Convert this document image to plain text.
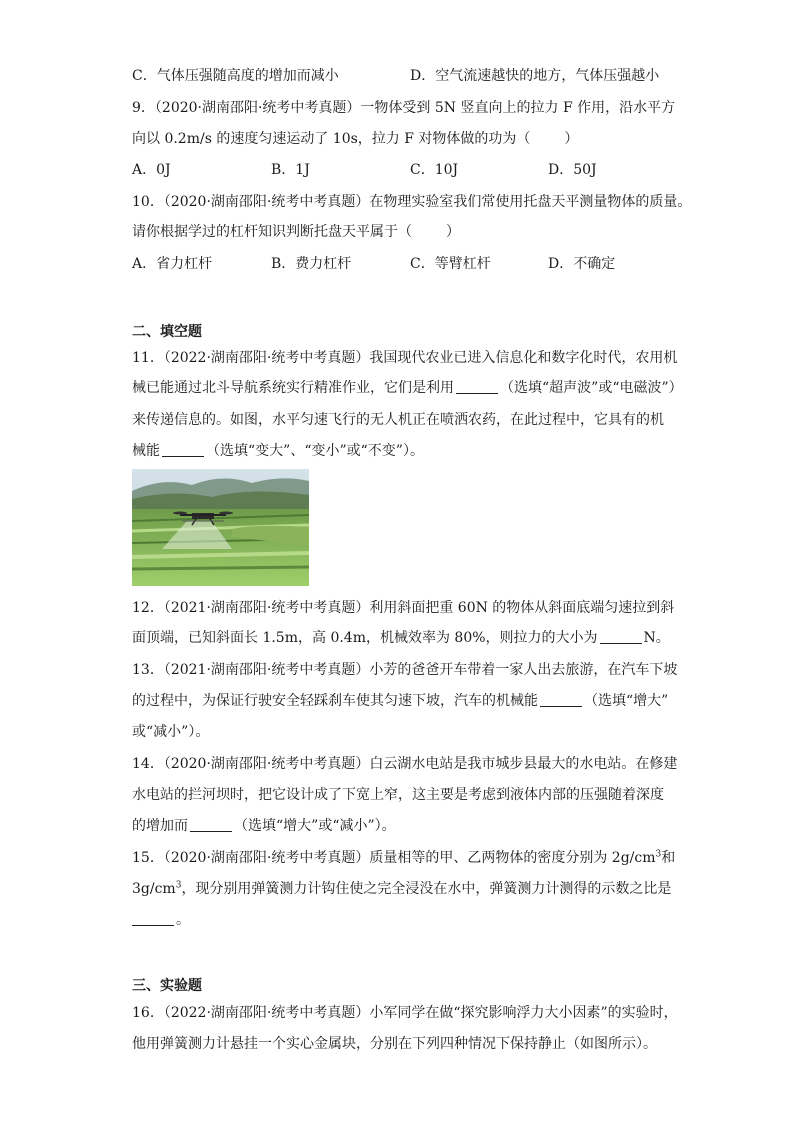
C．气体压强随高度的增加而减小	D．空气流速越快的地方，气体压强越小
9．（2020·湖南邵阳·统考中考真题）一物体受到 5N 竖直向上的拉力 F 作用，沿水平方
向以 0.2m/s 的速度匀速运动了 10s，拉力 F 对物体做的功为（ ）
A．0J	B．1J	C．10J	D．50J
10．（2020·湖南邵阳·统考中考真题）在物理实验室我们常使用托盘天平测量物体的质量。
请你根据学过的杠杆知识判断托盘天平属于（ ）
A．省力杠杆	B．费力杠杆	C．等臂杠杆	D．不确定
二、填空题
11．（2022·湖南邵阳·统考中考真题）我国现代农业已进入信息化和数字化时代，农用机
械已能通过北斗导航系统实行精准作业，它们是利用	（选填“超声波”或“电磁波”）
来传递信息的。如图，水平匀速飞行的无人机正在喷洒农药，在此过程中，它具有的机
械能	（选填“变大”、“变小”或“不变”）。
12．（2021·湖南邵阳·统考中考真题）利用斜面把重 60N 的物体从斜面底端匀速拉到斜
面顶端，已知斜面长 1.5m，高 0.4m，机械效率为 80%，则拉力的大小为	N。
13．（2021·湖南邵阳·统考中考真题）小芳的爸爸开车带着一家人出去旅游，在汽车下坡
的过程中，为保证行驶安全轻踩刹车使其匀速下坡，汽车的机械能	（选填“增大”
或“减小”）。
14．（2020·湖南邵阳·统考中考真题）白云湖水电站是我市城步县最大的水电站。在修建
水电站的拦河坝时，把它设计成了下宽上窄，这主要是考虑到液体内部的压强随着深度
的增加而	（选填“增大”或“减小”）。
15．（2020·湖南邵阳·统考中考真题）质量相等的甲、乙两物体的密度分别为 $2g/cm^3$和
$3g/cm^3$，现分别用弹簧测力计钩住使之完全浸没在水中，弹簧测力计测得的示数之比是
。
三、实验题
16．（2022·湖南邵阳·统考中考真题）小军同学在做“探究影响浮力大小因素”的实验时，
他用弹簧测力计悬挂一个实心金属块，分别在下列四种情况下保持静止（如图所示）。
